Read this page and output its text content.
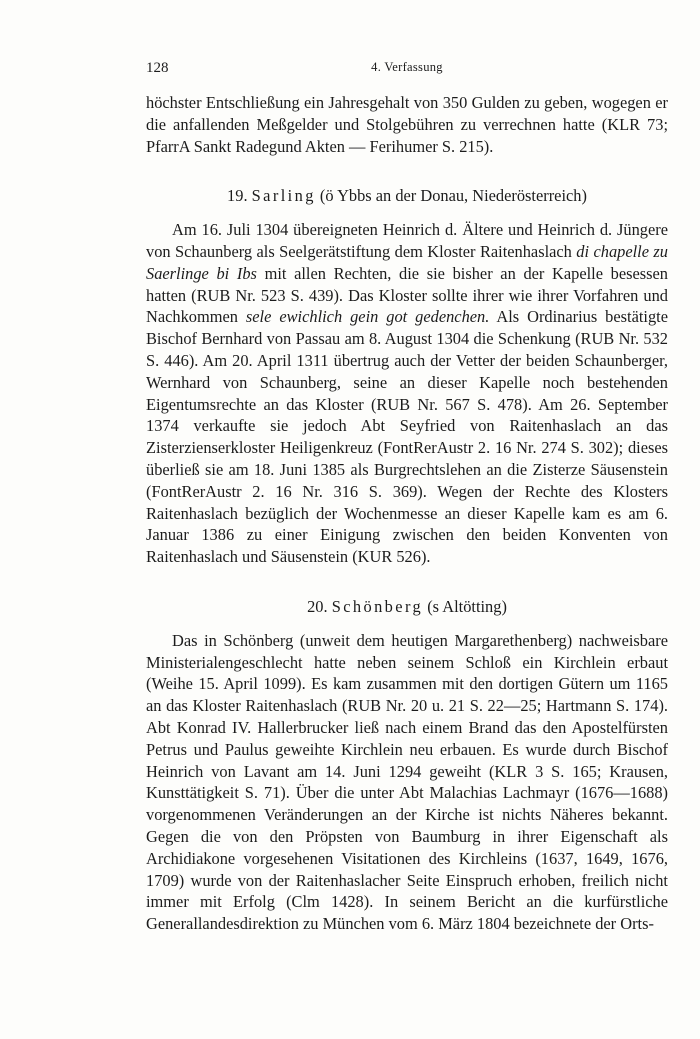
128	4. Verfassung

höchster Entschließung ein Jahresgehalt von 350 Gulden zu geben, wogegen er die anfallenden Meßgelder und Stolgebühren zu verrechnen hatte (KLR 73; PfarrA Sankt Radegund Akten — Ferihumer S. 215).

19. Sarling (ö Ybbs an der Donau, Niederösterreich)

Am 16. Juli 1304 übereigneten Heinrich d. Ältere und Heinrich d. Jüngere von Schaunberg als Seelgerätstiftung dem Kloster Raitenhaslach di chapelle zu Saerlinge bi Ibs mit allen Rechten, die sie bisher an der Kapelle besessen hatten (RUB Nr. 523 S. 439). Das Kloster sollte ihrer wie ihrer Vorfahren und Nachkommen sele ewichlich gein got gedenchen. Als Ordinarius bestätigte Bischof Bernhard von Passau am 8. August 1304 die Schenkung (RUB Nr. 532 S. 446). Am 20. April 1311 übertrug auch der Vetter der beiden Schaunberger, Wernhard von Schaunberg, seine an dieser Kapelle noch bestehenden Eigentumsrechte an das Kloster (RUB Nr. 567 S. 478). Am 26. September 1374 verkaufte sie jedoch Abt Seyfried von Raitenhaslach an das Zisterzienserkloster Heiligenkreuz (FontRerAustr 2. 16 Nr. 274 S. 302); dieses überließ sie am 18. Juni 1385 als Burgrechtslehen an die Zisterze Säusenstein (FontRerAustr 2. 16 Nr. 316 S. 369). Wegen der Rechte des Klosters Raitenhaslach bezüglich der Wochenmesse an dieser Kapelle kam es am 6. Januar 1386 zu einer Einigung zwischen den beiden Konventen von Raitenhaslach und Säusenstein (KUR 526).

20. Schönberg (s Altötting)

Das in Schönberg (unweit dem heutigen Margarethenberg) nachweisbare Ministerialengeschlecht hatte neben seinem Schloß ein Kirchlein erbaut (Weihe 15. April 1099). Es kam zusammen mit den dortigen Gütern um 1165 an das Kloster Raitenhaslach (RUB Nr. 20 u. 21 S. 22—25; Hartmann S. 174). Abt Konrad IV. Hallerbrucker ließ nach einem Brand das den Apostelfürsten Petrus und Paulus geweihte Kirchlein neu erbauen. Es wurde durch Bischof Heinrich von Lavant am 14. Juni 1294 geweiht (KLR 3 S. 165; Krausen, Kunsttätigkeit S. 71). Über die unter Abt Malachias Lachmayr (1676—1688) vorgenommenen Veränderungen an der Kirche ist nichts Näheres bekannt. Gegen die von den Pröpsten von Baumburg in ihrer Eigenschaft als Archidiakone vorgesehenen Visitationen des Kirchleins (1637, 1649, 1676, 1709) wurde von der Raitenhaslacher Seite Einspruch erhoben, freilich nicht immer mit Erfolg (Clm 1428). In seinem Bericht an die kurfürstliche Generallandesdirektion zu München vom 6. März 1804 bezeichnete der Orts-
